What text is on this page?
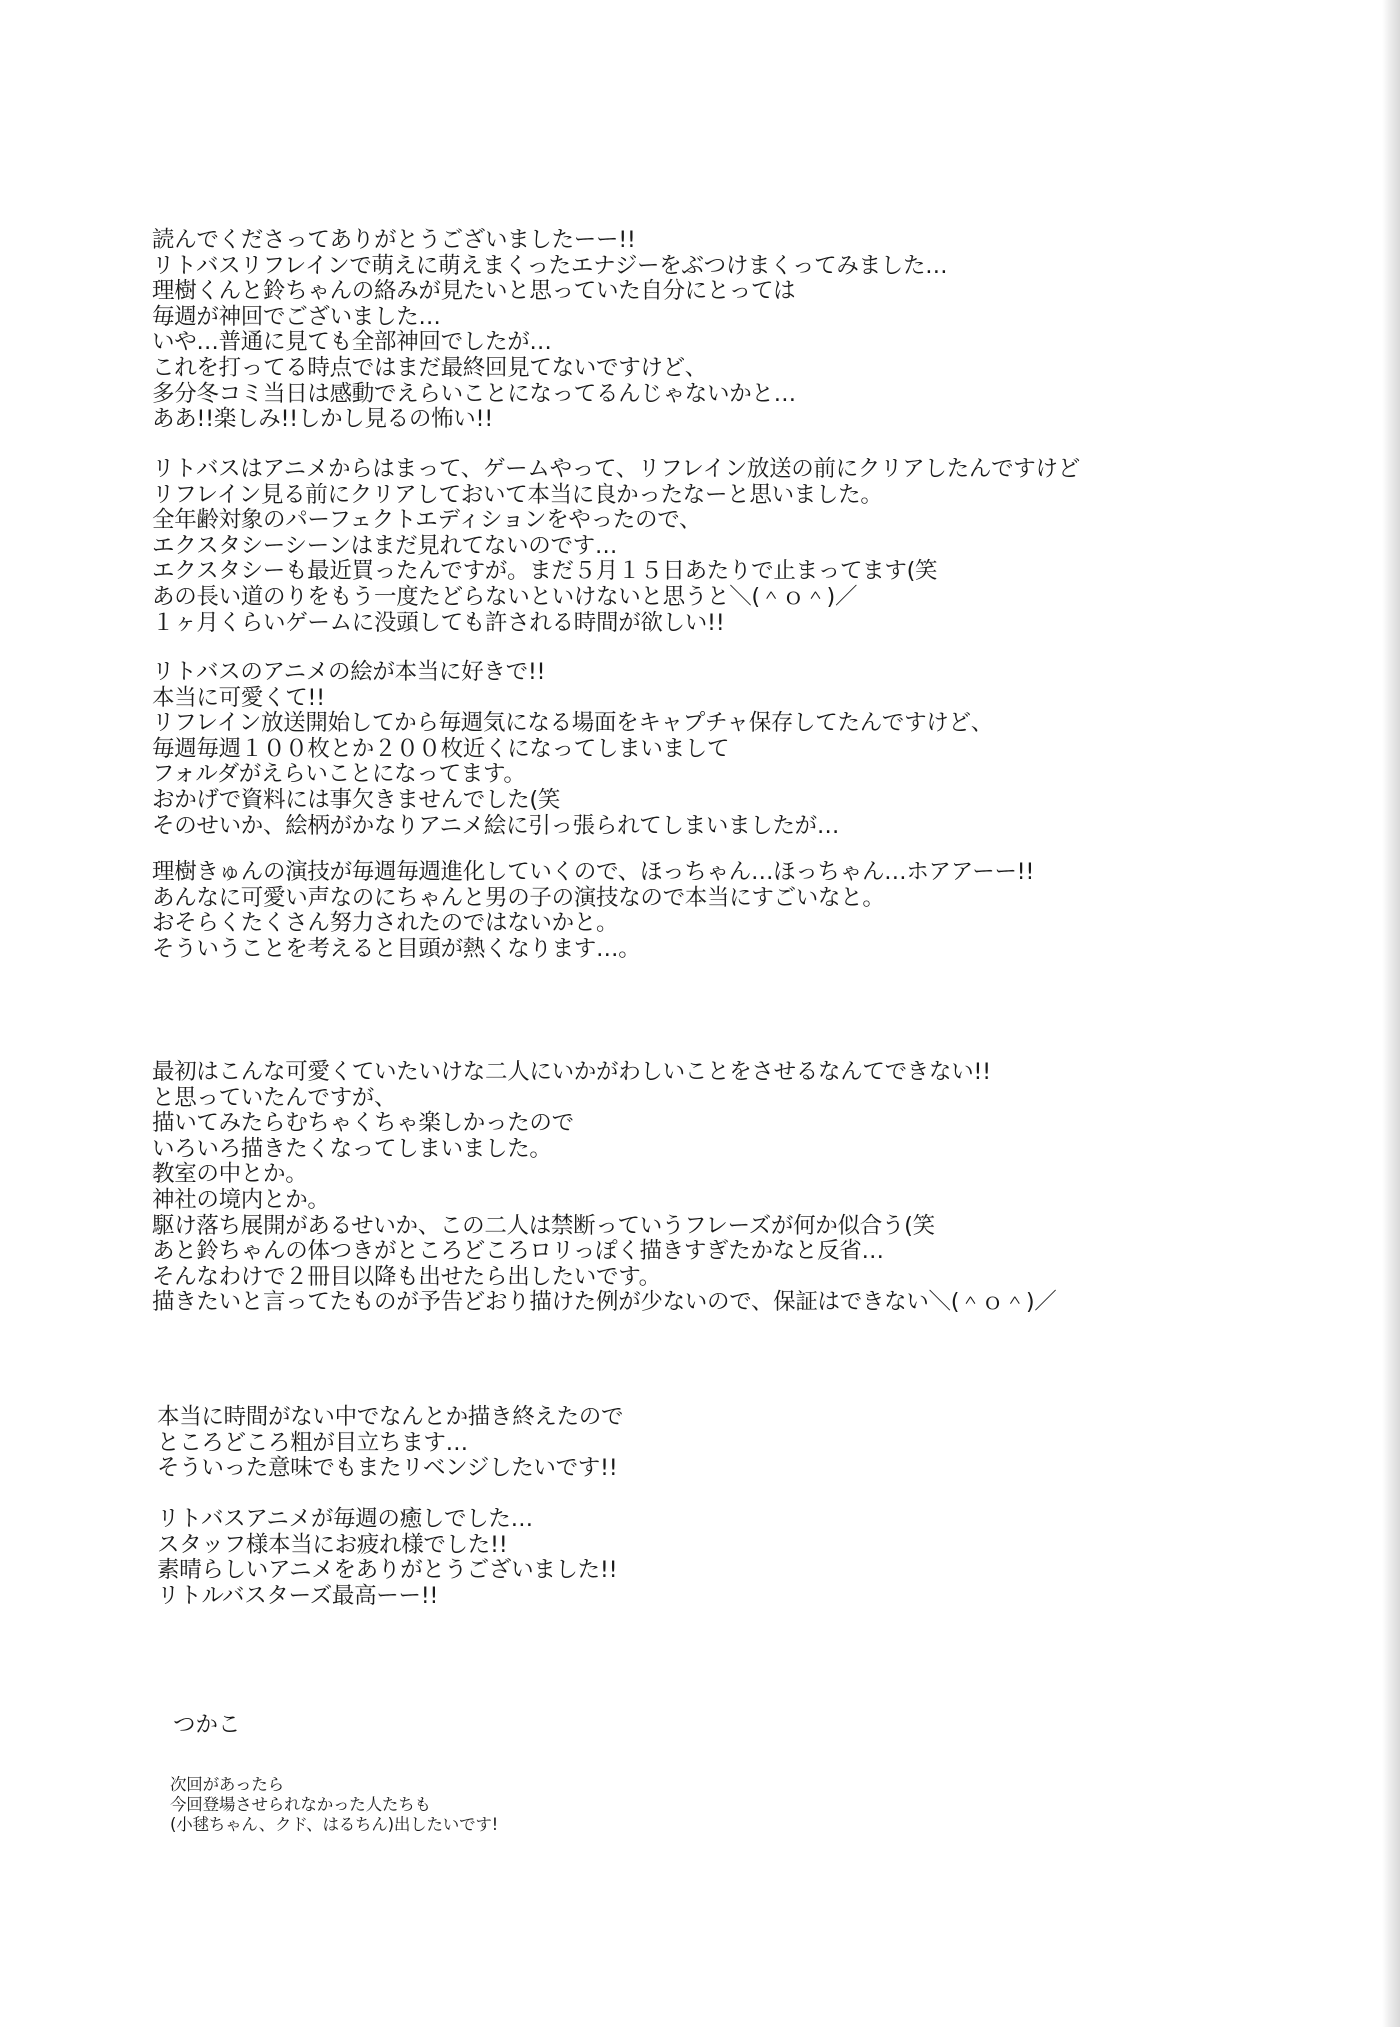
読んでくださってありがとうございましたーー!!
リトバスリフレインで萌えに萌えまくったエナジーをぶつけまくってみました…
理樹くんと鈴ちゃんの絡みが見たいと思っていた自分にとっては
毎週が神回でございました…
いや…普通に見ても全部神回でしたが…
これを打ってる時点ではまだ最終回見てないですけど、
多分冬コミ当日は感動でえらいことになってるんじゃないかと…
ああ!!楽しみ!!しかし見るの怖い!!
リトバスはアニメからはまって、ゲームやって、リフレイン放送の前にクリアしたんですけど
リフレイン見る前にクリアしておいて本当に良かったなーと思いました。
全年齢対象のパーフェクトエディションをやったので、
エクスタシーシーンはまだ見れてないのです…
エクスタシーも最近買ったんですが。まだ５月１５日あたりで止まってます(笑
あの長い道のりをもう一度たどらないといけないと思うと＼(＾ｏ＾)／
１ヶ月くらいゲームに没頭しても許される時間が欲しい!!
リトバスのアニメの絵が本当に好きで!!
本当に可愛くて!!
リフレイン放送開始してから毎週気になる場面をキャプチャ保存してたんですけど、
毎週毎週１００枚とか２００枚近くになってしまいまして
フォルダがえらいことになってます。
おかげで資料には事欠きませんでした(笑
そのせいか、絵柄がかなりアニメ絵に引っ張られてしまいましたが…
理樹きゅんの演技が毎週毎週進化していくので、ほっちゃん…ほっちゃん…ホアアーー!!
あんなに可愛い声なのにちゃんと男の子の演技なので本当にすごいなと。
おそらくたくさん努力されたのではないかと。
そういうことを考えると目頭が熱くなります…。
最初はこんな可愛くていたいけな二人にいかがわしいことをさせるなんてできない!!
と思っていたんですが、
描いてみたらむちゃくちゃ楽しかったので
いろいろ描きたくなってしまいました。
教室の中とか。
神社の境内とか。
駆け落ち展開があるせいか、この二人は禁断っていうフレーズが何か似合う(笑
あと鈴ちゃんの体つきがところどころロリっぽく描きすぎたかなと反省…
そんなわけで２冊目以降も出せたら出したいです。
描きたいと言ってたものが予告どおり描けた例が少ないので、保証はできない＼(＾ｏ＾)／
本当に時間がない中でなんとか描き終えたので
ところどころ粗が目立ちます…
そういった意味でもまたリベンジしたいです!!
リトバスアニメが毎週の癒しでした…
スタッフ様本当にお疲れ様でした!!
素晴らしいアニメをありがとうございました!!
リトルバスターズ最高ーー!!
つかこ
次回があったら
今回登場させられなかった人たちも
(小毬ちゃん、クド、はるちん)出したいです!
